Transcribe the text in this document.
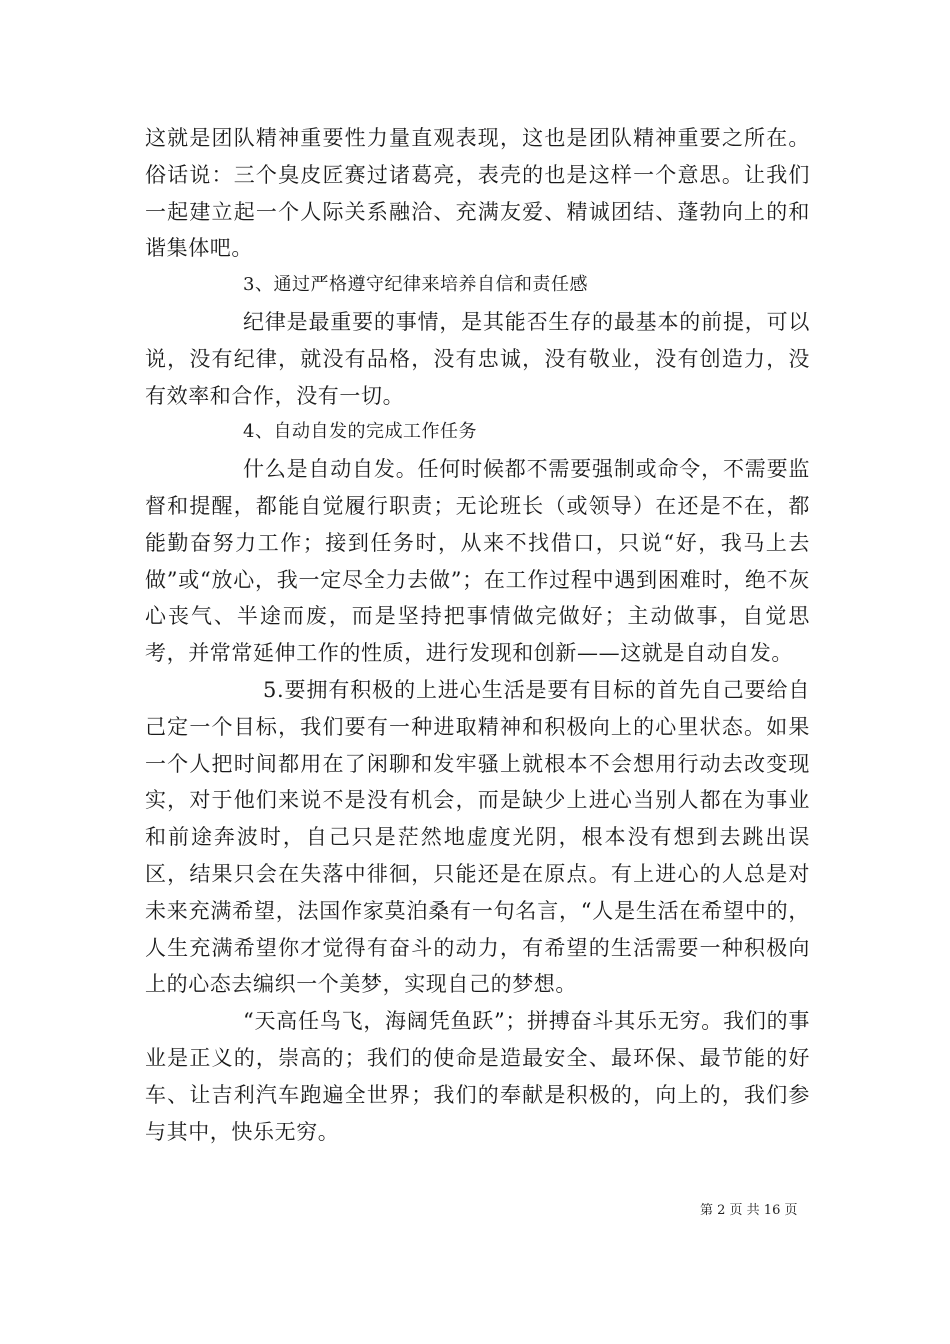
这就是团队精神重要性力量直观表现，这也是团队精神重要之所在。俗话说：三个臭皮匠赛过诸葛亮，表壳的也是这样一个意思。让我们一起建立起一个人际关系融洽、充满友爱、精诚团结、蓬勃向上的和谐集体吧。

3、通过严格遵守纪律来培养自信和责任感

纪律是最重要的事情，是其能否生存的最基本的前提，可以说，没有纪律，就没有品格，没有忠诚，没有敬业，没有创造力，没有效率和合作，没有一切。

4、自动自发的完成工作任务

什么是自动自发。任何时候都不需要强制或命令，不需要监督和提醒，都能自觉履行职责；无论班长（或领导）在还是不在，都能勤奋努力工作；接到任务时，从来不找借口，只说“好，我马上去做”或“放心，我一定尽全力去做”；在工作过程中遇到困难时，绝不灰心丧气、半途而废，而是坚持把事情做完做好；主动做事，自觉思考，并常常延伸工作的性质，进行发现和创新——这就是自动自发。

5.要拥有积极的上进心生活是要有目标的首先自己要给自己定一个目标，我们要有一种进取精神和积极向上的心里状态。如果一个人把时间都用在了闲聊和发牢骚上就根本不会想用行动去改变现实，对于他们来说不是没有机会，而是缺少上进心当别人都在为事业和前途奔波时，自己只是茫然地虚度光阴，根本没有想到去跳出误区，结果只会在失落中徘徊，只能还是在原点。有上进心的人总是对未来充满希望，法国作家莫泊桑有一句名言，“人是生活在希望中的，人生充满希望你才觉得有奋斗的动力，有希望的生活需要一种积极向上的心态去编织一个美梦，实现自己的梦想。

“天高任鸟飞，海阔凭鱼跃”；拼搏奋斗其乐无穷。我们的事业是正义的，崇高的；我们的使命是造最安全、最环保、最节能的好车、让吉利汽车跑遍全世界；我们的奉献是积极的，向上的，我们参与其中，快乐无穷。

第 2 页 共 16 页
